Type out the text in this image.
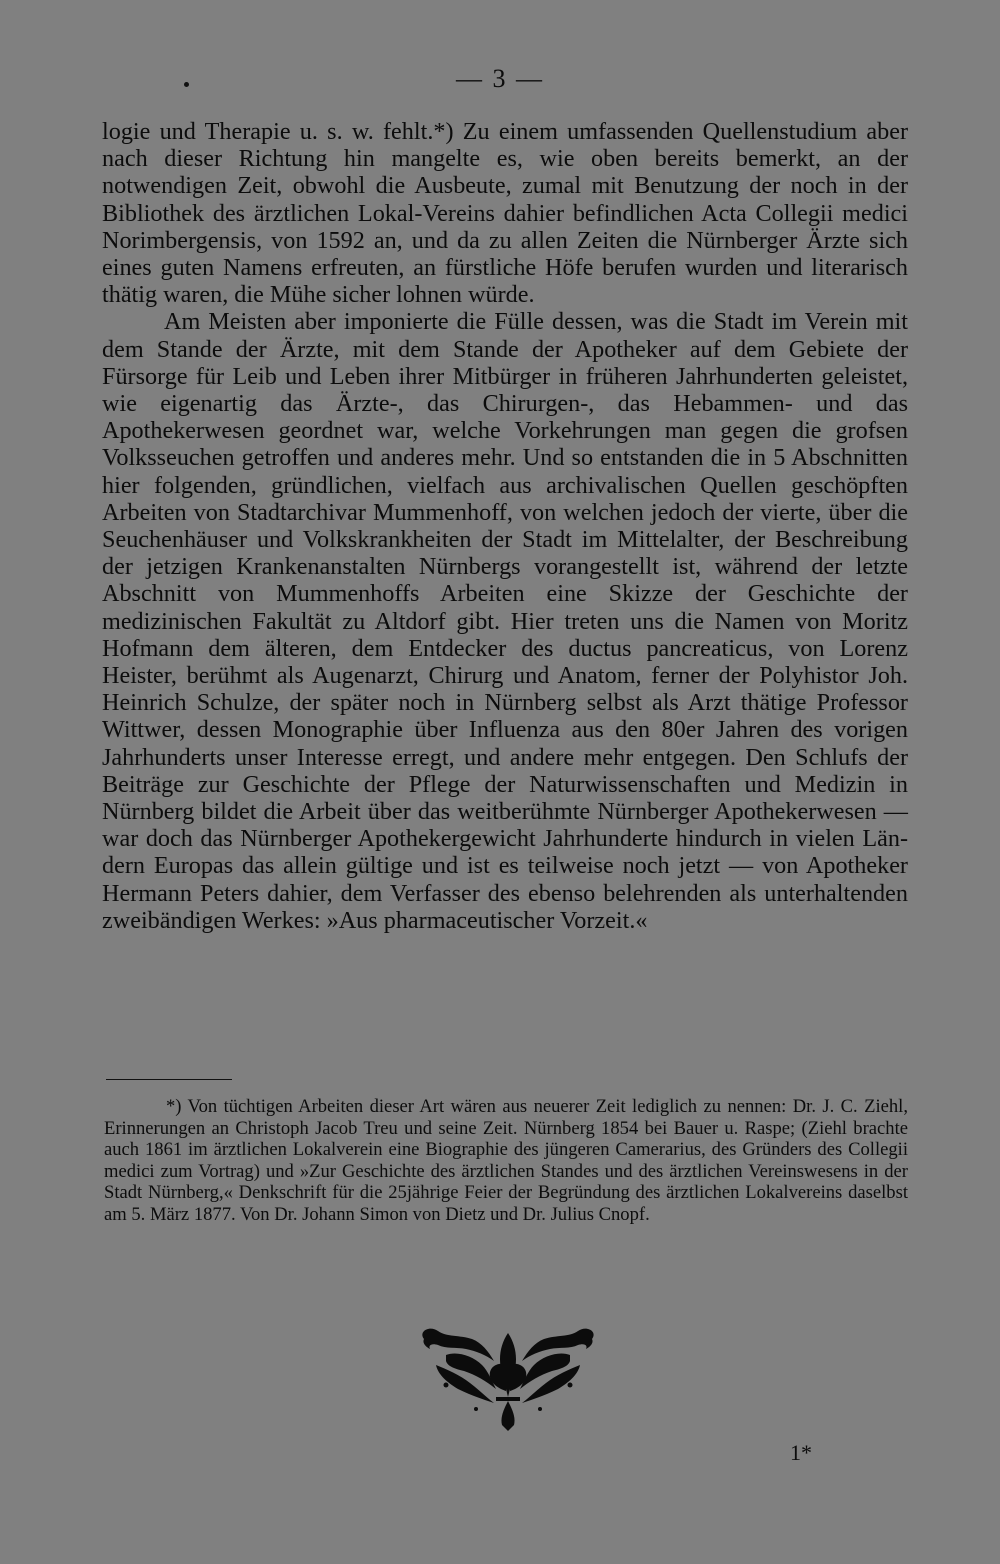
— 3 —

logie und Therapie u. s. w. fehlt.*) Zu einem umfassenden Quellenstudium aber nach dieser Richtung hin mangelte es, wie oben bereits bemerkt, an der notwendigen Zeit, obwohl die Ausbeute, zumal mit Benutzung der noch in der Bibliothek des ärztlichen Lokal-Vereins dahier befindlichen Acta Collegii medici Norimbergensis, von 1592 an, und da zu allen Zeiten die Nürnberger Ärzte sich eines guten Namens erfreuten, an fürstliche Höfe berufen wurden und literarisch thätig waren, die Mühe sicher lohnen würde.

Am Meisten aber imponierte die Fülle dessen, was die Stadt im Verein mit dem Stande der Ärzte, mit dem Stande der Apotheker auf dem Gebiete der Fürsorge für Leib und Leben ihrer Mitbürger in früheren Jahrhunderten geleistet, wie eigenartig das Ärzte-, das Chirurgen-, das Hebammen- und das Apothekerwesen geordnet war, welche Vorkehrungen man gegen die grofsen Volksseuchen getroffen und anderes mehr. Und so entstanden die in 5 Abschnitten hier folgenden, gründlichen, vielfach aus archivalischen Quellen geschöpften Arbeiten von Stadtarchivar Mummenhoff, von welchen jedoch der vierte, über die Seuchenhäuser und Volkskrankheiten der Stadt im Mittelalter, der Beschreibung der jetzigen Krankenanstalten Nürnbergs vorangestellt ist, während der letzte Abschnitt von Mummenhoffs Arbeiten eine Skizze der Geschichte der medizinischen Fakultät zu Altdorf gibt. Hier treten uns die Namen von Moritz Hofmann dem älteren, dem Entdecker des ductus pancreaticus, von Lorenz Heister, berühmt als Augenarzt, Chirurg und Anatom, ferner der Polyhistor Joh. Heinrich Schulze, der später noch in Nürnberg selbst als Arzt thätige Professor Wittwer, dessen Monographie über Influenza aus den 80er Jahren des vorigen Jahrhunderts unser Interesse erregt, und andere mehr entgegen. Den Schlufs der Beiträge zur Geschichte der Pflege der Naturwissenschaften und Medizin in Nürnberg bildet die Arbeit über das weitberühmte Nürnberger Apothekerwesen — war doch das Nürnberger Apothekergewicht Jahrhunderte hindurch in vielen Ländern Europas das allein gültige und ist es teilweise noch jetzt — von Apotheker Hermann Peters dahier, dem Verfasser des ebenso belehrenden als unterhaltenden zweibändigen Werkes: »Aus pharmaceutischer Vorzeit.«

*) Von tüchtigen Arbeiten dieser Art wären aus neuerer Zeit lediglich zu nennen: Dr. J. C. Ziehl, Erinnerungen an Christoph Jacob Treu und seine Zeit. Nürnberg 1854 bei Bauer u. Raspe; (Ziehl brachte auch 1861 im ärztlichen Lokalverein eine Biographie des jüngeren Camerarius, des Gründers des Collegii medici zum Vortrag) und »Zur Geschichte des ärztlichen Standes und des ärztlichen Vereinswesens in der Stadt Nürnberg,« Denkschrift für die 25jährige Feier der Begründung des ärztlichen Lokalvereins daselbst am 5. März 1877. Von Dr. Johann Simon von Dietz und Dr. Julius Cnopf.

1*
